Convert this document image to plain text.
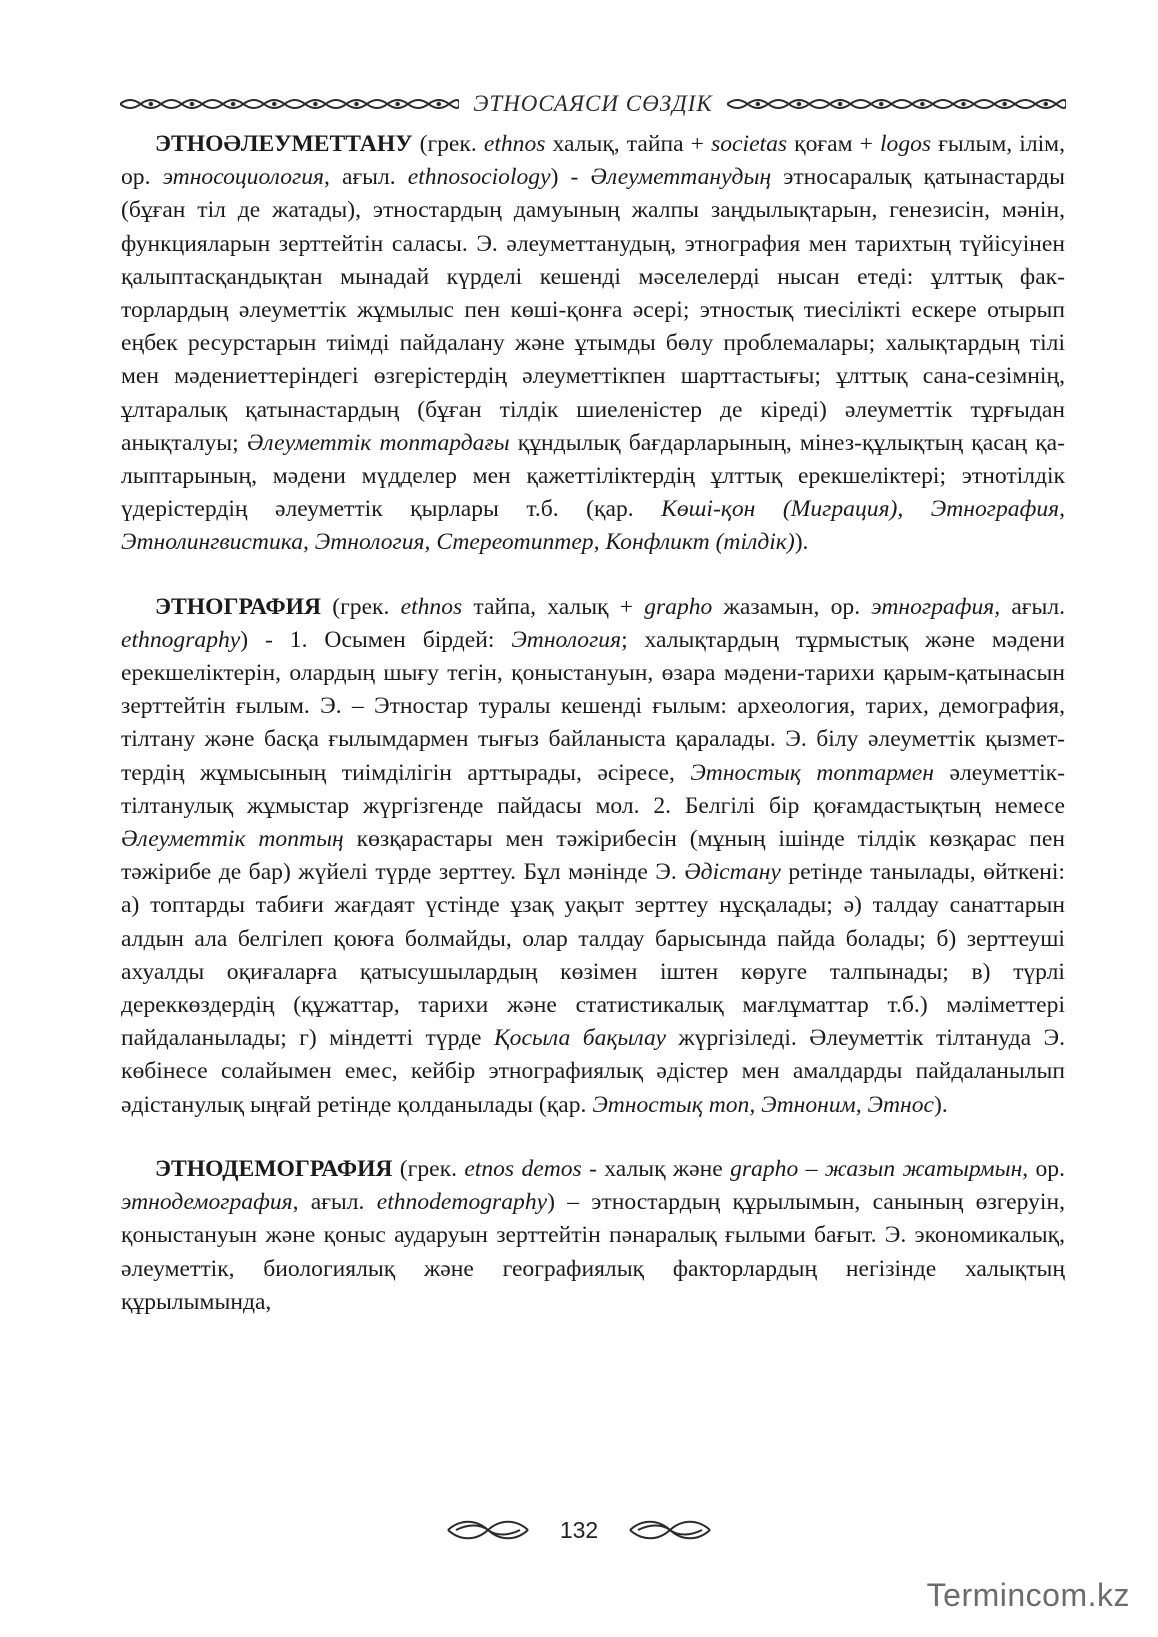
ЭТНОСАЯСИ СӨЗДІК

ЭТНОӘЛЕУМЕТТАНУ (грек. ethnos халық, тайпа + societas қоғам + logos ғылым, ілім, ор. этносоциология, ағыл. ethnosociology) - Әлеуметтанудың этносаралық қатынастарды (бұған тіл де жатады), этностардың дамуының жалпы заңдылықтарын, генезисін, мәнін, функцияларын зерттейтін саласы. Э. әлеуметтанудың, этнография мен тарихтың түйісуінен қалыптасқандықтан мынадай күрделі кешенді мәселелерді нысан етеді: ұлттық факторлардың әлеуметтік жұмылыс пен көші-қонға әсері; этностық тиесілікті ескере отырып еңбек ресурстарын тиімді пайдалану және ұтымды бөлу проблемалары; халықтардың тілі мен мәдениеттеріндегі өзгерістердің әлеуметтікпен шарттастығы; ұлттық сана-сезімнің, ұлтаралық қатынастардың (бұған тілдік шиеленістер де кіреді) әлеуметтік тұрғыдан анықталуы; Әлеуметтік топтардағы құндылық бағдарларының, мінез-құлықтың қасаң қалыптарының, мәдени мүдделер мен қажеттіліктердің ұлттық ерекшеліктері; этнотілдік үдерістердің әлеуметтік қырлары т.б. (қар. Көші-қон (Миграция), Этнография, Этнолингвистика, Этнология, Стереотиптер, Конфликт (тілдік)).

ЭТНОГРАФИЯ (грек. ethnos тайпа, халық + grapho жазамын, ор. этнография, ағыл. ethnography) - 1. Осымен бірдей: Этнология; халықтардың тұрмыстық және мәдени ерекшеліктерін, олардың шығу тегін, қоныстануын, өзара мәдени-тарихи қарым-қатынасын зерттейтін ғылым. Э. – Этностар туралы кешенді ғылым: археология, тарих, демография, тілтану және басқа ғылымдармен тығыз байланыста қаралады. Э. білу әлеуметтік қызметтердің жұмысының тиімділігін арттырады, әсіресе, Этностық топтармен әлеуметтік-тілтанулық жұмыстар жүргізгенде пайдасы мол. 2. Белгілі бір қоғамдастықтың немесе Әлеуметтік топтың көзқарастары мен тәжірибесін (мұның ішінде тілдік көзқарас пен тәжірибе де бар) жүйелі түрде зерттеу. Бұл мәнінде Э. Әдістану ретінде танылады, өйткені: а) топтарды табиғи жағдаят үстінде ұзақ уақыт зерттеу нұсқалады; ә) талдау санаттарын алдын ала белгілеп қоюға болмайды, олар талдау барысында пайда болады; б) зерттеуші ахуалды оқиғаларға қатысушылардың көзімен іштен көруге талпынады; в) түрлі дереккөздердің (құжаттар, тарихи және статистикалық мағлұматтар т.б.) мәліметтері пайдаланылады; г) міндетті түрде Қосыла бақылау жүргізіледі. Әлеуметтік тілтануда Э. көбінесе солайымен емес, кейбір этнографиялық әдістер мен амалдарды пайдаланылып әдістанулық ыңғай ретінде қолданылады (қар. Этностық топ, Этноним, Этнос).

ЭТНОДЕМОГРАФИЯ (грек. etnos demos - халық және grapho – жазып жатырмын, ор. этнодемография, ағыл. ethnodemography) – этностардың құрылымын, санының өзгеруін, қоныстануын және қоныс аударуын зерттейтін пәнаралық ғылыми бағыт. Э. экономикалық, әлеуметтік, биологиялық және географиялық факторлардың негізінде халықтың құрылымында,

132
Termincom.kz
